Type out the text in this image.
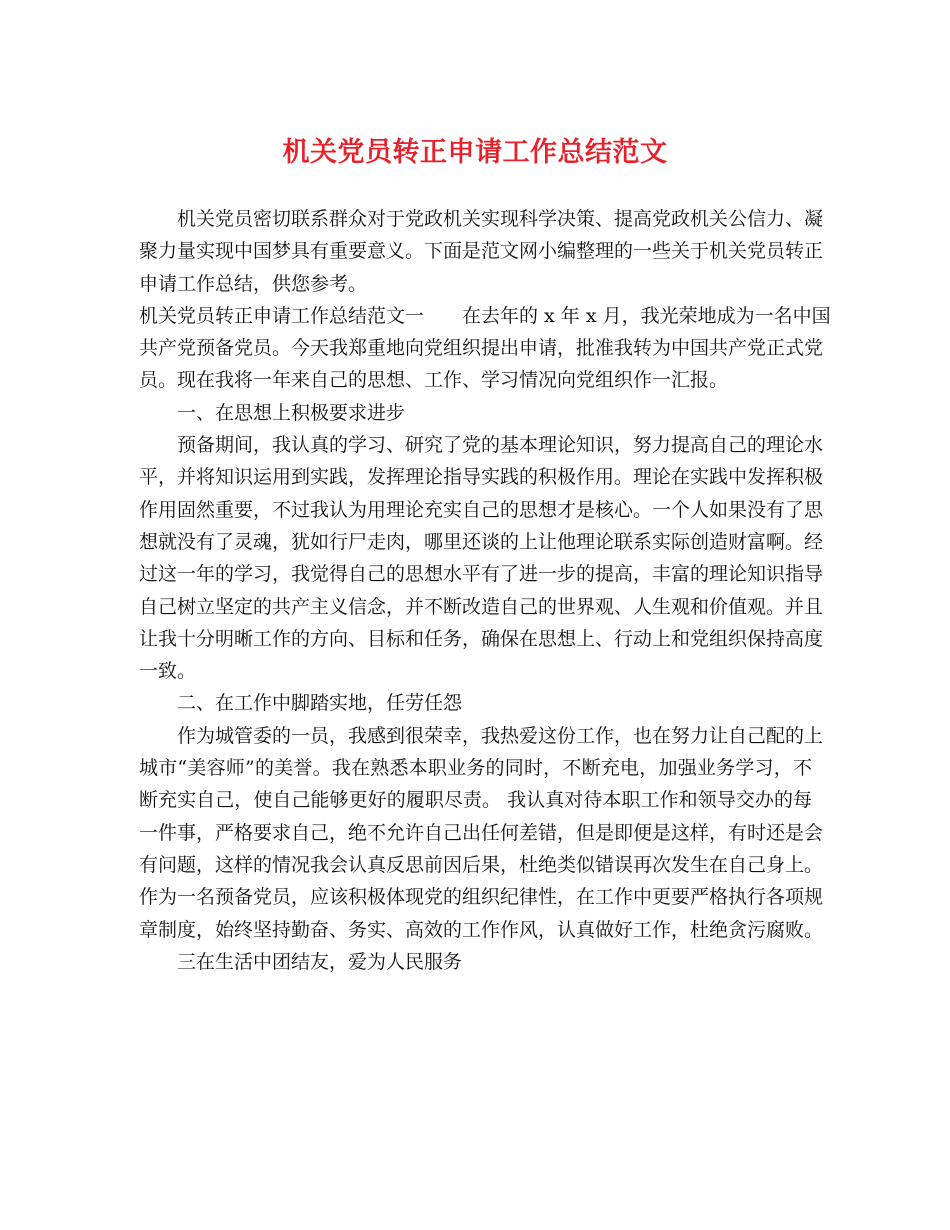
机关党员转正申请工作总结范文
机关党员密切联系群众对于党政机关实现科学决策、提高党政机关公信力、凝
聚力量实现中国梦具有重要意义。下面是范文网小编整理的一些关于机关党员转正
申请工作总结，供您参考。
机关党员转正申请工作总结范文一　　在去年的 x 年 x 月，我光荣地成为一名中国
共产党预备党员。今天我郑重地向党组织提出申请，批准我转为中国共产党正式党
员。现在我将一年来自己的思想、工作、学习情况向党组织作一汇报。
一、在思想上积极要求进步
预备期间，我认真的学习、研究了党的基本理论知识，努力提高自己的理论水
平，并将知识运用到实践，发挥理论指导实践的积极作用。理论在实践中发挥积极
作用固然重要，不过我认为用理论充实自己的思想才是核心。一个人如果没有了思
想就没有了灵魂，犹如行尸走肉，哪里还谈的上让他理论联系实际创造财富啊。经
过这一年的学习，我觉得自己的思想水平有了进一步的提高，丰富的理论知识指导
自己树立坚定的共产主义信念，并不断改造自己的世界观、人生观和价值观。并且
让我十分明晰工作的方向、目标和任务，确保在思想上、行动上和党组织保持高度
一致。
二、在工作中脚踏实地，任劳任怨
作为城管委的一员，我感到很荣幸，我热爱这份工作，也在努力让自己配的上
城市“美容师”的美誉。我在熟悉本职业务的同时，不断充电，加强业务学习，不
断充实自己，使自己能够更好的履职尽责。 我认真对待本职工作和领导交办的每
一件事，严格要求自己，绝不允许自己出任何差错，但是即便是这样，有时还是会
有问题，这样的情况我会认真反思前因后果，杜绝类似错误再次发生在自己身上。
作为一名预备党员，应该积极体现党的组织纪律性，在工作中更要严格执行各项规
章制度，始终坚持勤奋、务实、高效的工作作风，认真做好工作，杜绝贪污腐败。
三在生活中团结友，爱为人民服务
